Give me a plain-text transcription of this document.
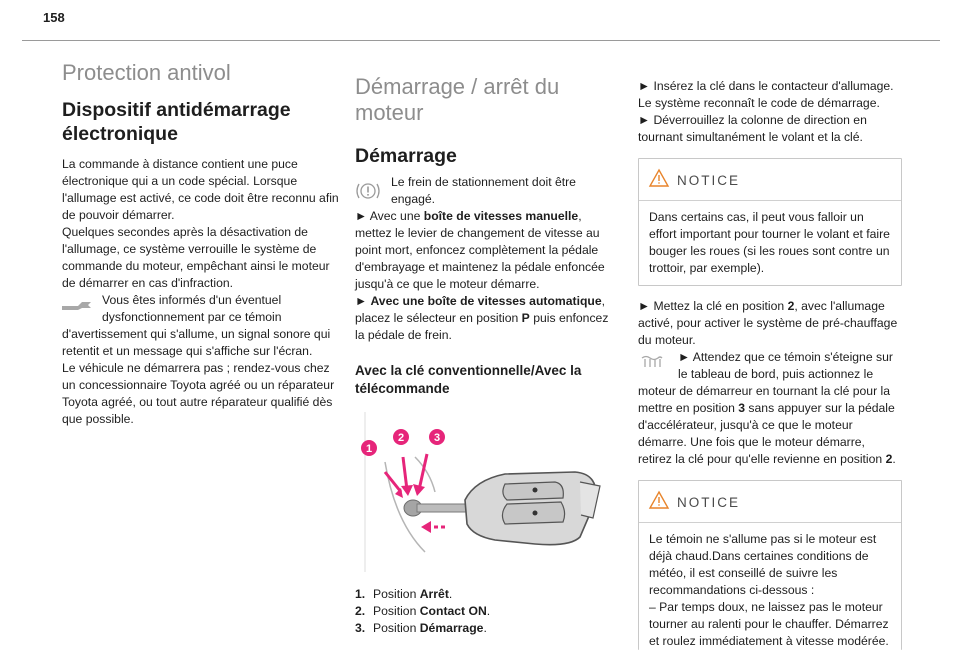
158
Protection antivol
Dispositif antidémarrage électronique
La commande à distance contient une puce électronique qui a un code spécial. Lorsque l'allumage est activé, ce code doit être reconnu afin de pouvoir démarrer.
Quelques secondes après la désactivation de l'allumage, ce système verrouille le système de commande du moteur, empêchant ainsi le moteur de démarrer en cas d'infraction.
Vous êtes informés d'un éventuel dysfonctionnement par ce témoin d'avertissement qui s'allume, un signal sonore qui retentit et un message qui s'affiche sur l'écran.
Le véhicule ne démarrera pas ; rendez-vous chez un concessionnaire Toyota agréé ou un réparateur Toyota agréé, ou tout autre réparateur qualifié dès que possible.
Démarrage / arrêt du moteur
Démarrage
Le frein de stationnement doit être engagé.
► Avec une boîte de vitesses manuelle, mettez le levier de changement de vitesse au point mort, enfoncez complètement la pédale d'embrayage et maintenez la pédale enfoncée jusqu'à ce que le moteur démarre.
► Avec une boîte de vitesses automatique, placez le sélecteur en position P puis enfoncez la pédale de frein.
Avec la clé conventionnelle/Avec la télécommande
1
2	3
1. Position Arrêt.
2. Position Contact ON.
3. Position Démarrage.
► Insérez la clé dans le contacteur d'allumage. Le système reconnaît le code de démarrage.
► Déverrouillez la colonne de direction en tournant simultanément le volant et la clé.
NOTICE
Dans certains cas, il peut vous falloir un effort important pour tourner le volant et faire bouger les roues (si les roues sont contre un trottoir, par exemple).
► Mettez la clé en position 2, avec l'allumage activé, pour activer le système de pré-chauffage du moteur.
► Attendez que ce témoin s'éteigne sur le tableau de bord, puis actionnez le moteur de démarreur en tournant la clé pour la mettre en position 3 sans appuyer sur la pédale d'accélérateur, jusqu'à ce que le moteur démarre. Une fois que le moteur démarre, retirez la clé pour qu'elle revienne en position 2.
NOTICE
Le témoin ne s'allume pas si le moteur est déjà chaud.Dans certaines conditions de météo, il est conseillé de suivre les recommandations ci-dessous :
– Par temps doux, ne laissez pas le moteur tourner au ralenti pour le chauffer. Démarrez et roulez immédiatement à vitesse modérée.
